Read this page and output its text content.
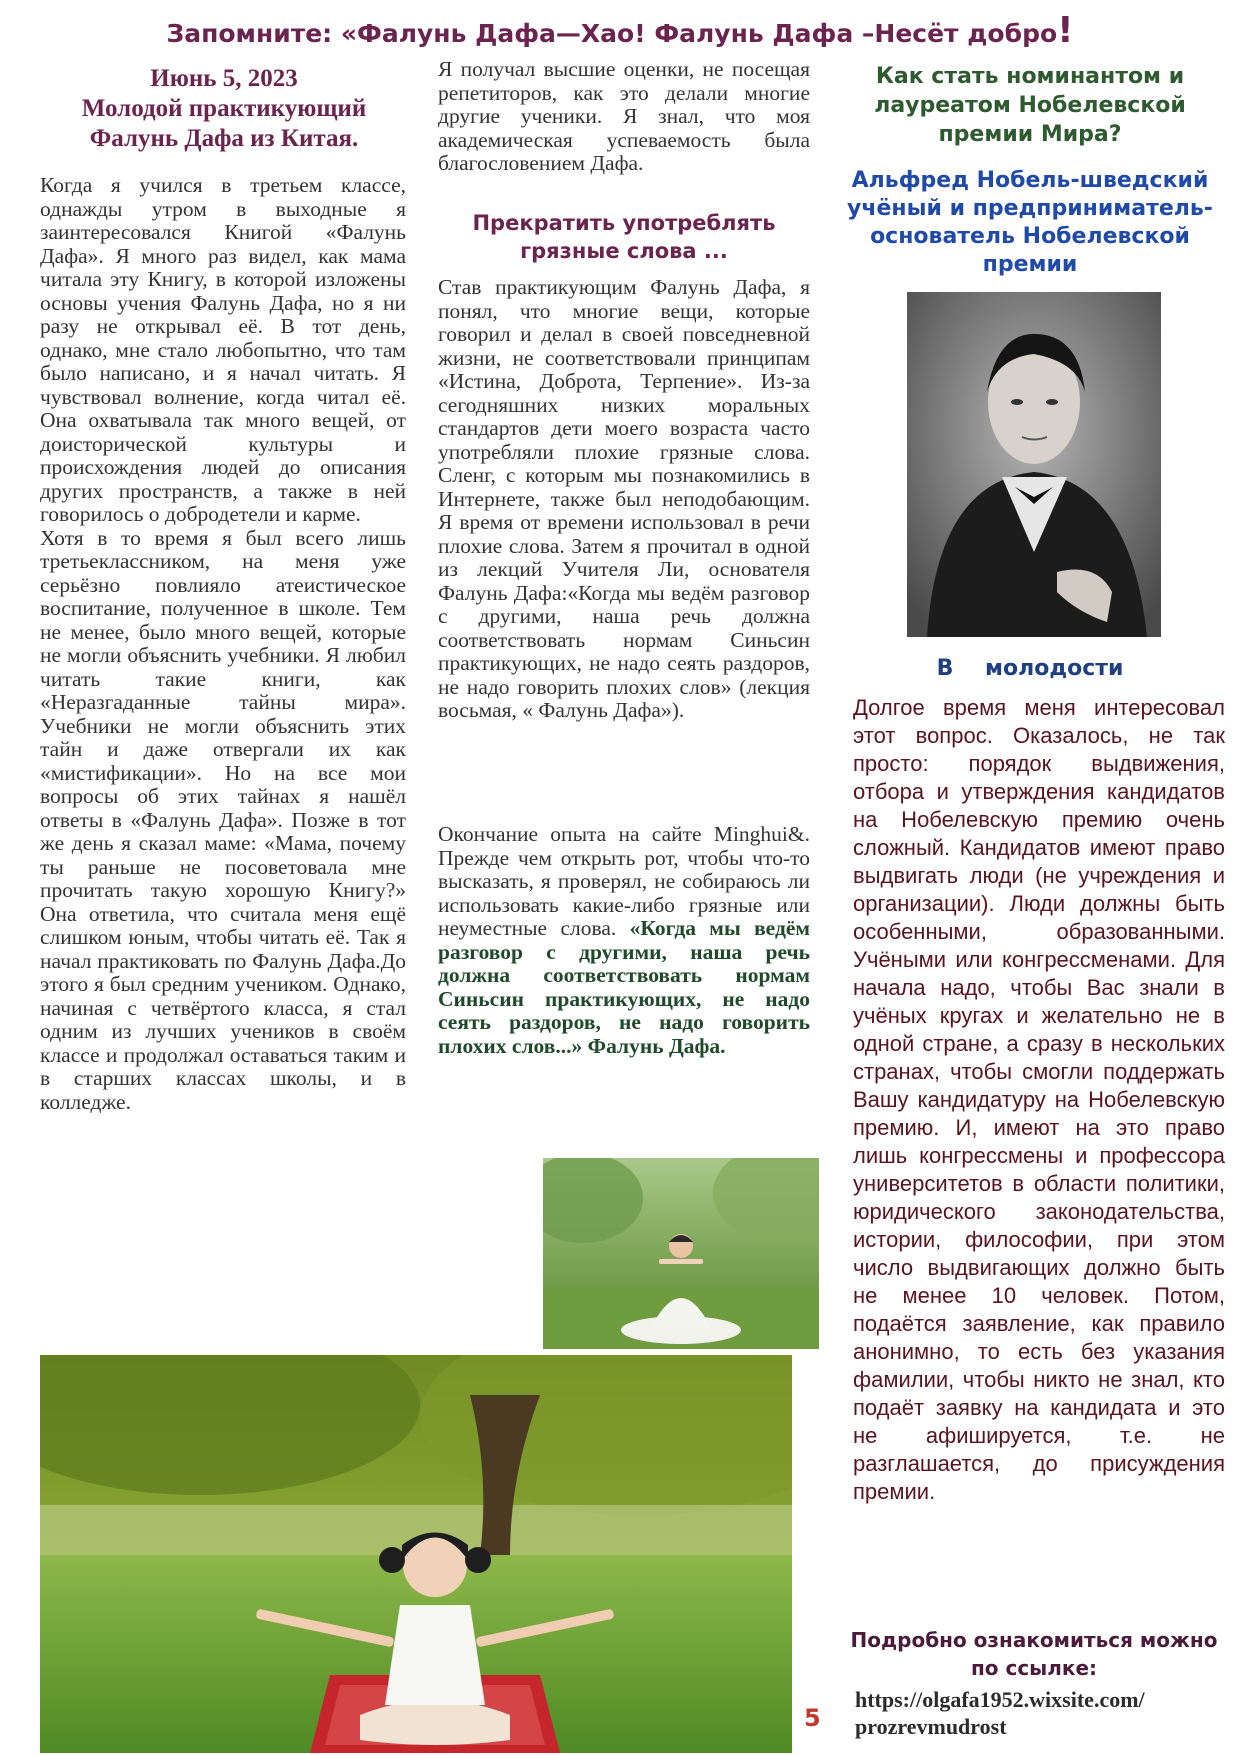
Запомните: «Фалунь Дафа—Хао! Фалунь Дафа –Несёт добро!
Июнь 5, 2023
Молодой практикующий
Фалунь Дафа из Китая.

Когда я учился в третьем классе, однажды утром в выходные я заинтересовался Книгой «Фалунь Дафа». Я много раз видел, как мама читала эту Книгу, в которой изложены основы учения Фалунь Дафа, но я ни разу не открывал её. В тот день, однако, мне стало любопытно, что там было написано, и я начал читать. Я чувствовал волнение, когда читал её. Она охватывала так много вещей, от доисторической культуры и происхождения людей до описания других пространств, а также в ней говорилось о добродетели и карме.

Хотя в то время я был всего лишь третьеклассником, на меня уже серьёзно повлияло атеистическое воспитание, полученное в школе. Тем не менее, было много вещей, которые не могли объяснить учебники. Я любил читать такие книги, как «Неразгаданные тайны мира». Учебники не могли объяснить этих тайн и даже отвергали их как «мистификации». Но на все мои вопросы об этих тайнах я нашёл ответы в «Фалунь Дафа». Позже в тот же день я сказал маме: «Мама, почему ты раньше не посоветовала мне прочитать такую хорошую Книгу?» Она ответила, что считала меня ещё слишком юным, чтобы читать её. Так я начал практиковать по Фалунь Дафа.До этого я был средним учеником. Однако, начиная с четвёртого класса, я стал одним из лучших учеников в своём классе и продолжал оставаться таким и в старших классах школы, и в колледже.

Я получал высшие оценки, не посещая репетиторов, как это делали многие другие ученики. Я знал, что моя академическая успеваемость была благословением Дафа.

Прекратить употреблять
грязные слова ...

Став практикующим Фалунь Дафа, я понял, что многие вещи, которые говорил и делал в своей повседневной жизни, не соответствовали принципам «Истина, Доброта, Терпение». Из-за сегодняшних низких моральных стандартов дети моего возраста часто употребляли плохие грязные слова. Сленг, с которым мы познакомились в Интернете, также был неподобающим. Я время от времени использовал в речи плохие слова. Затем я прочитал в одной из лекций Учителя Ли, основателя Фалунь Дафа:«Когда мы ведём разговор с другими, наша речь должна соответствовать нормам Синьсин практикующих, не надо сеять раздоров, не надо говорить плохих слов» (лекция восьмая, « Фалунь Дафа»).

Окончание опыта на сайте Minghui&. Прежде чем открыть рот, чтобы что-то высказать, я проверял, не собираюсь ли использовать какие-либо грязные или неуместные слова. «Когда мы ведём разговор с другими, наша речь должна соответствовать нормам Синьсин практикующих, не надо сеять раздоров, не надо говорить плохих слов...» Фалунь Дафа.

Как стать номинантом и лауреатом Нобелевской премии Мира?
Альфред Нобель-шведский учёный и предприниматель-основатель Нобелевской премии
В молодости
Долгое время меня интересовал этот вопрос. Оказалось, не так просто: порядок выдвижения, отбора и утверждения кандидатов на Нобелевскую премию очень сложный. Кандидатов имеют право выдвигать люди (не учреждения и организации). Люди должны быть особенными, образованными. Учёными или конгрессменами. Для начала надо, чтобы Вас знали в учёных кругах и желательно не в одной стране, а сразу в нескольких странах, чтобы смогли поддержать Вашу кандидатуру на Нобелевскую премию. И, имеют на это право лишь конгрессмены и профессора университетов в области политики, юридического законодательства, истории, философии, при этом число выдвигающих должно быть не менее 10 человек. Потом, подаётся заявление, как правило анонимно, то есть без указания фамилии, чтобы никто не знал, кто подаёт заявку на кандидата и это не афишируется, т.е. не разглашается, до присуждения премии.
Подробно ознакомиться можно
по ссылке:
https://olgafa1952.wixsite.com/
prozrevmudrost
5
